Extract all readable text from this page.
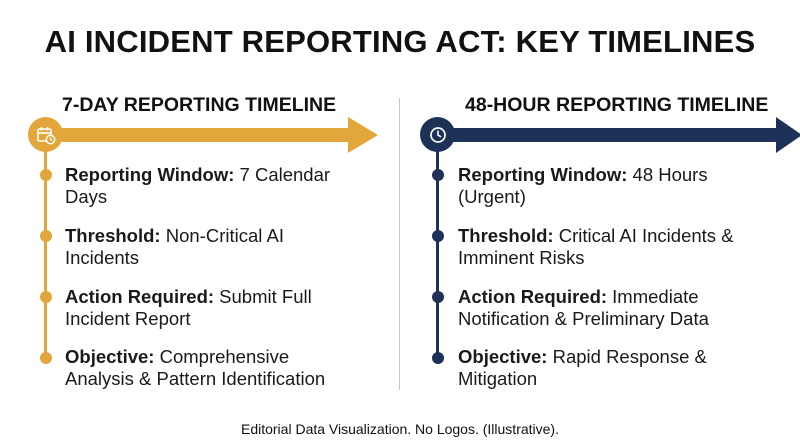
AI INCIDENT REPORTING ACT: KEY TIMELINES
7-DAY REPORTING TIMELINE
Reporting Window: 7 Calendar
Days
Threshold: Non-Critical AI
Incidents
Action Required: Submit Full
Incident Report
Objective: Comprehensive
Analysis & Pattern Identification
48-HOUR REPORTING TIMELINE
Reporting Window: 48 Hours
(Urgent)
Threshold: Critical AI Incidents &
Imminent Risks
Action Required: Immediate
Notification & Preliminary Data
Objective: Rapid Response &
Mitigation
Editorial Data Visualization. No Logos. (Illustrative).
